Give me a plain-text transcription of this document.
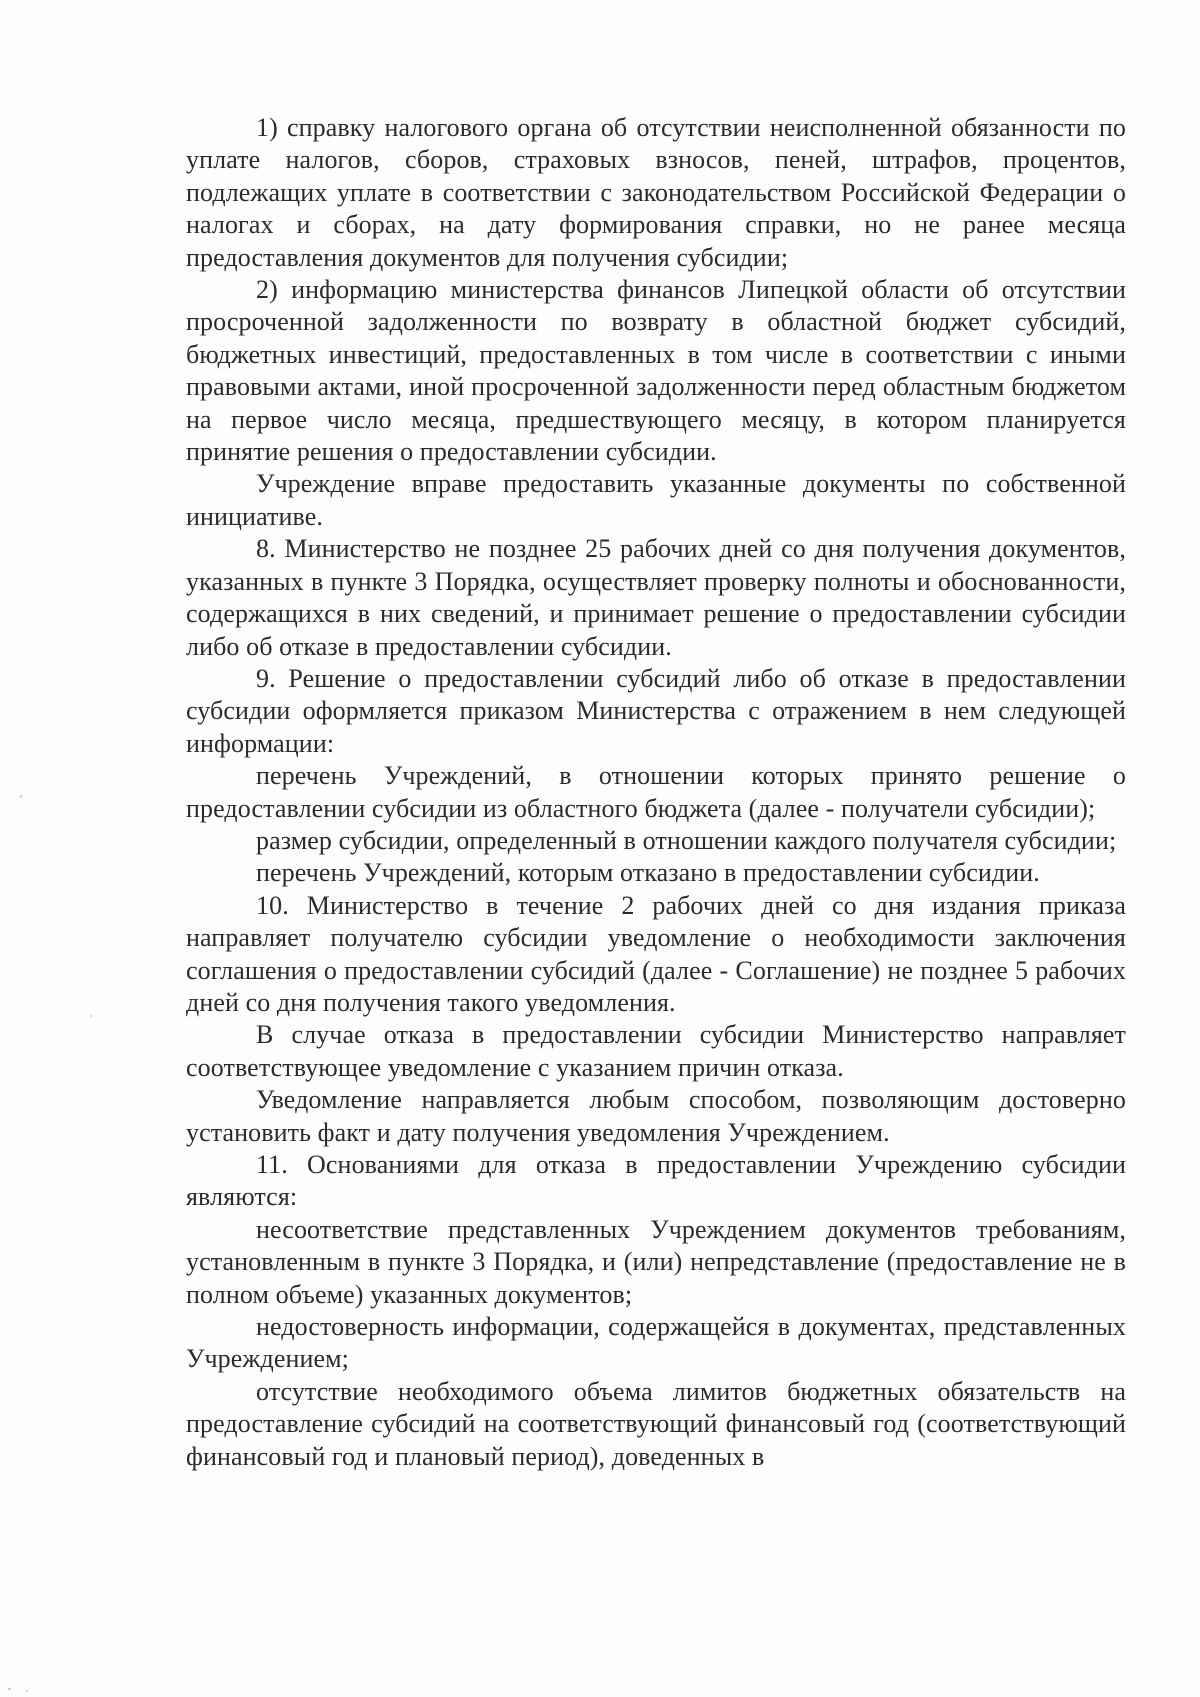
1) справку налогового органа об отсутствии неисполненной обязанности по уплате налогов, сборов, страховых взносов, пеней, штрафов, процентов, подлежащих уплате в соответствии с законодательством Российской Федерации о налогах и сборах, на дату формирования справки, но не ранее месяца предоставления документов для получения субсидии;

2) информацию министерства финансов Липецкой области об отсутствии просроченной задолженности по возврату в областной бюджет субсидий, бюджетных инвестиций, предоставленных в том числе в соответствии с иными правовыми актами, иной просроченной задолженности перед областным бюджетом на первое число месяца, предшествующего месяцу, в котором планируется принятие решения о предоставлении субсидии.

Учреждение вправе предоставить указанные документы по собственной инициативе.

8. Министерство не позднее 25 рабочих дней со дня получения документов, указанных в пункте 3 Порядка, осуществляет проверку полноты и обоснованности, содержащихся в них сведений, и принимает решение о предоставлении субсидии либо об отказе в предоставлении субсидии.

9. Решение о предоставлении субсидий либо об отказе в предоставлении субсидии оформляется приказом Министерства с отражением в нем следующей информации:

перечень Учреждений, в отношении которых принято решение о предоставлении субсидии из областного бюджета (далее - получатели субсидии);

размер субсидии, определенный в отношении каждого получателя субсидии;

перечень Учреждений, которым отказано в предоставлении субсидии.

10. Министерство в течение 2 рабочих дней со дня издания приказа направляет получателю субсидии уведомление о необходимости заключения соглашения о предоставлении субсидий (далее - Соглашение) не позднее 5 рабочих дней со дня получения такого уведомления.

В случае отказа в предоставлении субсидии Министерство направляет соответствующее уведомление с указанием причин отказа.

Уведомление направляется любым способом, позволяющим достоверно установить факт и дату получения уведомления Учреждением.

11. Основаниями для отказа в предоставлении Учреждению субсидии являются:

несоответствие представленных Учреждением документов требованиям, установленным в пункте 3 Порядка, и (или) непредставление (предоставление не в полном объеме) указанных документов;

недостоверность информации, содержащейся в документах, представленных Учреждением;

отсутствие необходимого объема лимитов бюджетных обязательств на предоставление субсидий на соответствующий финансовый год (соответствующий финансовый год и плановый период), доведенных в
